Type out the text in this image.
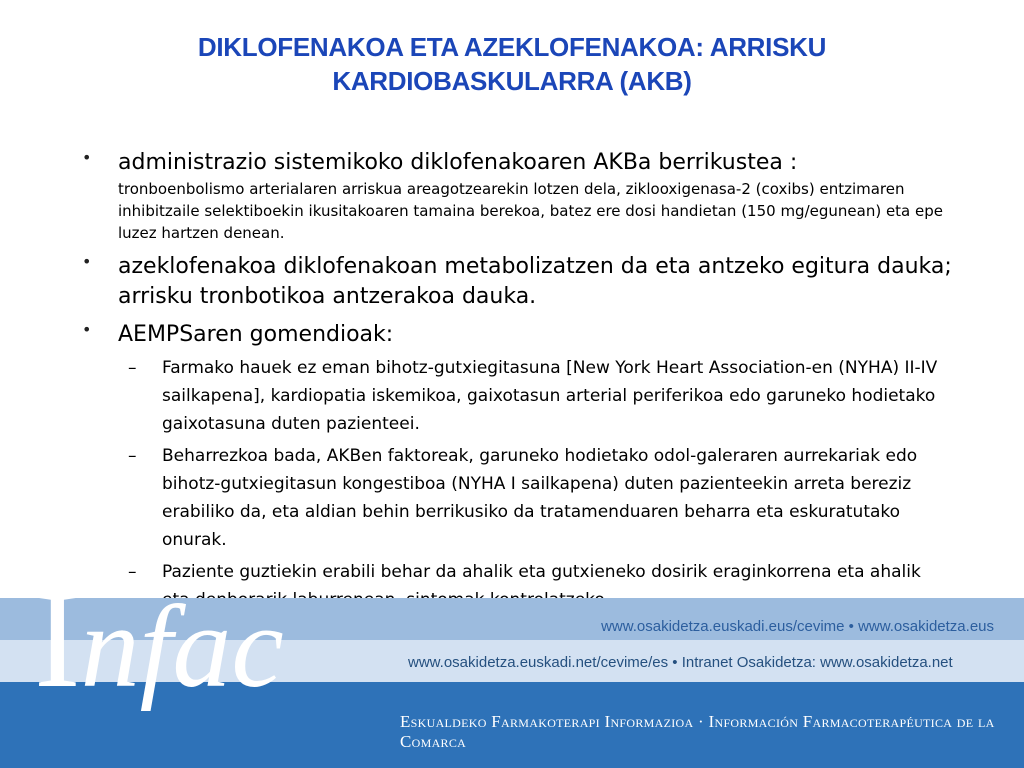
DIKLOFENAKOA ETA AZEKLOFENAKOA: ARRISKU
KARDIOBASKULARRA (AKB)
• administrazio sistemikoko diklofenakoaren AKBa berrikustea :
tronboenbolismo arterialaren arriskua areagotzearekin lotzen dela, ziklooxigenasa-2 (coxibs) entzimaren inhibitzaile selektiboekin ikusitakoaren tamaina berekoa, batez ere dosi handietan (150 mg/egunean) eta epe luzez hartzen denean.
• azeklofenakoa diklofenakoan metabolizatzen da eta antzeko egitura dauka; arrisku tronbotikoa antzerakoa dauka.
• AEMPSaren gomendioak:
– Farmako hauek ez eman bihotz-gutxiegitasuna [New York Heart Association-en (NYHA) II-IV sailkapena], kardiopatia iskemikoa, gaixotasun arterial periferikoa edo garuneko hodietako gaixotasuna duten pazienteei.
– Beharrezkoa bada, AKBen faktoreak, garuneko hodietako odol-galeraren aurrekariak edo bihotz-gutxiegitasun kongestiboa (NYHA I sailkapena) duten pazienteekin arreta bereziz erabiliko da, eta aldian behin berrikusiko da tratamenduaren beharra eta eskuratutako onurak.
– Paziente guztiekin erabili behar da ahalik eta gutxieneko dosirik eraginkorrena eta ahalik
Infac	www.osakidetza.euskadi.eus/cevime • www.osakidetza.eus
www.osakidetza.euskadi.net/cevime/es • Intranet Osakidetza: www.osakidetza.net
Eskualdeko Farmakoterapi Informazioa · Información Farmacoterapéutica de la Comarca
